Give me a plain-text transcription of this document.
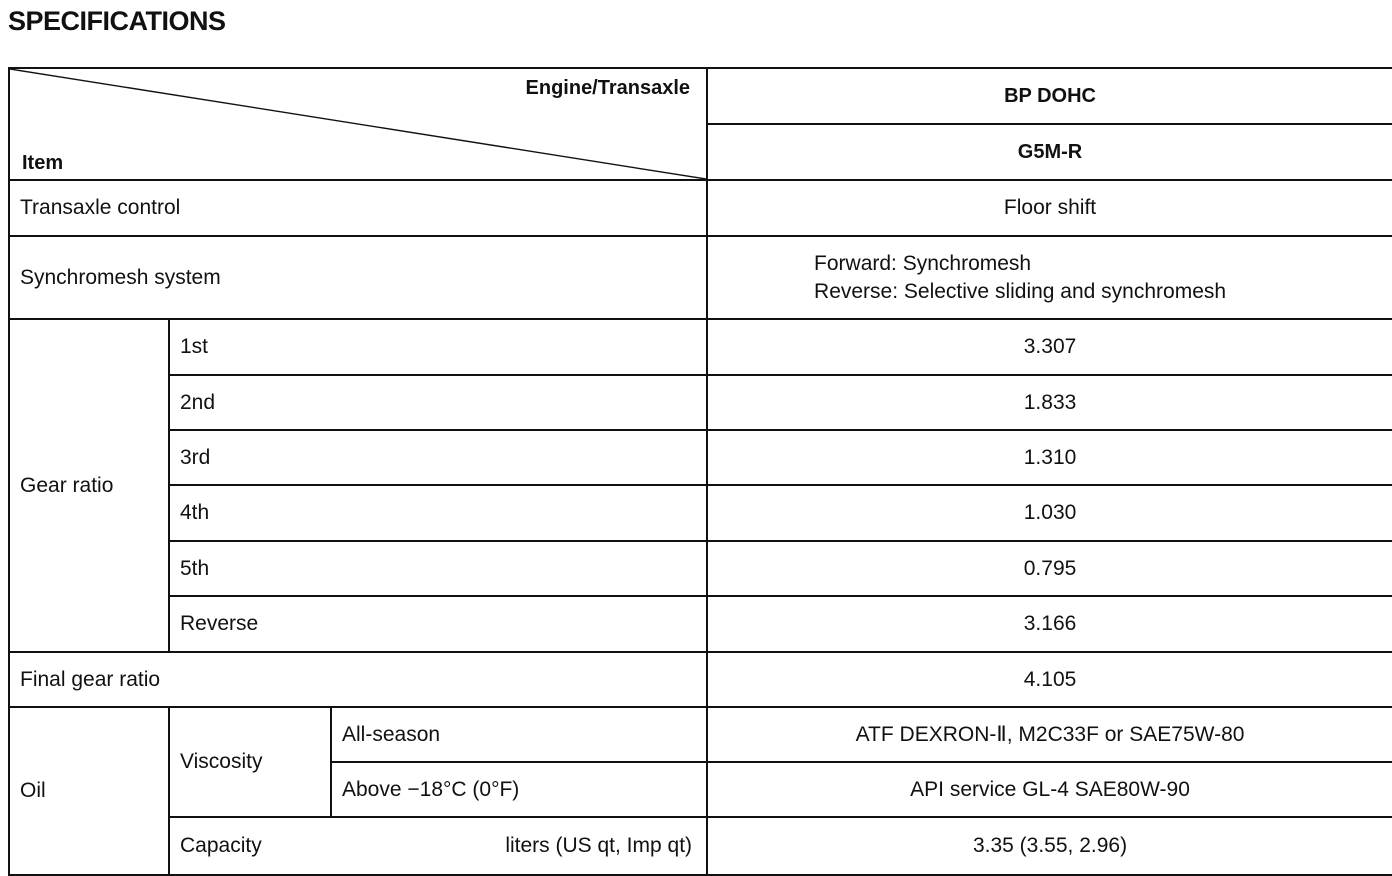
SPECIFICATIONS
Engine/Transaxle
Item			BP DOHC
			G5M-R
Transaxle control			Floor shift
Synchromesh system			Forward: Synchromesh
Reverse: Selective sliding and synchromesh

Gear ratio	1st		3.307
	2nd		1.833
	3rd		1.310
	4th		1.030
	5th		0.795
	Reverse		3.166
Final gear ratio			4.105
Oil	Viscosity	All-season	ATF DEXRON-Ⅱ, M2C33F or SAE75W-80
		Above −18°C (0°F)	API service GL-4 SAE80W-90
	Capacity liters (US qt, Imp qt)		3.35 (3.55, 2.96)
